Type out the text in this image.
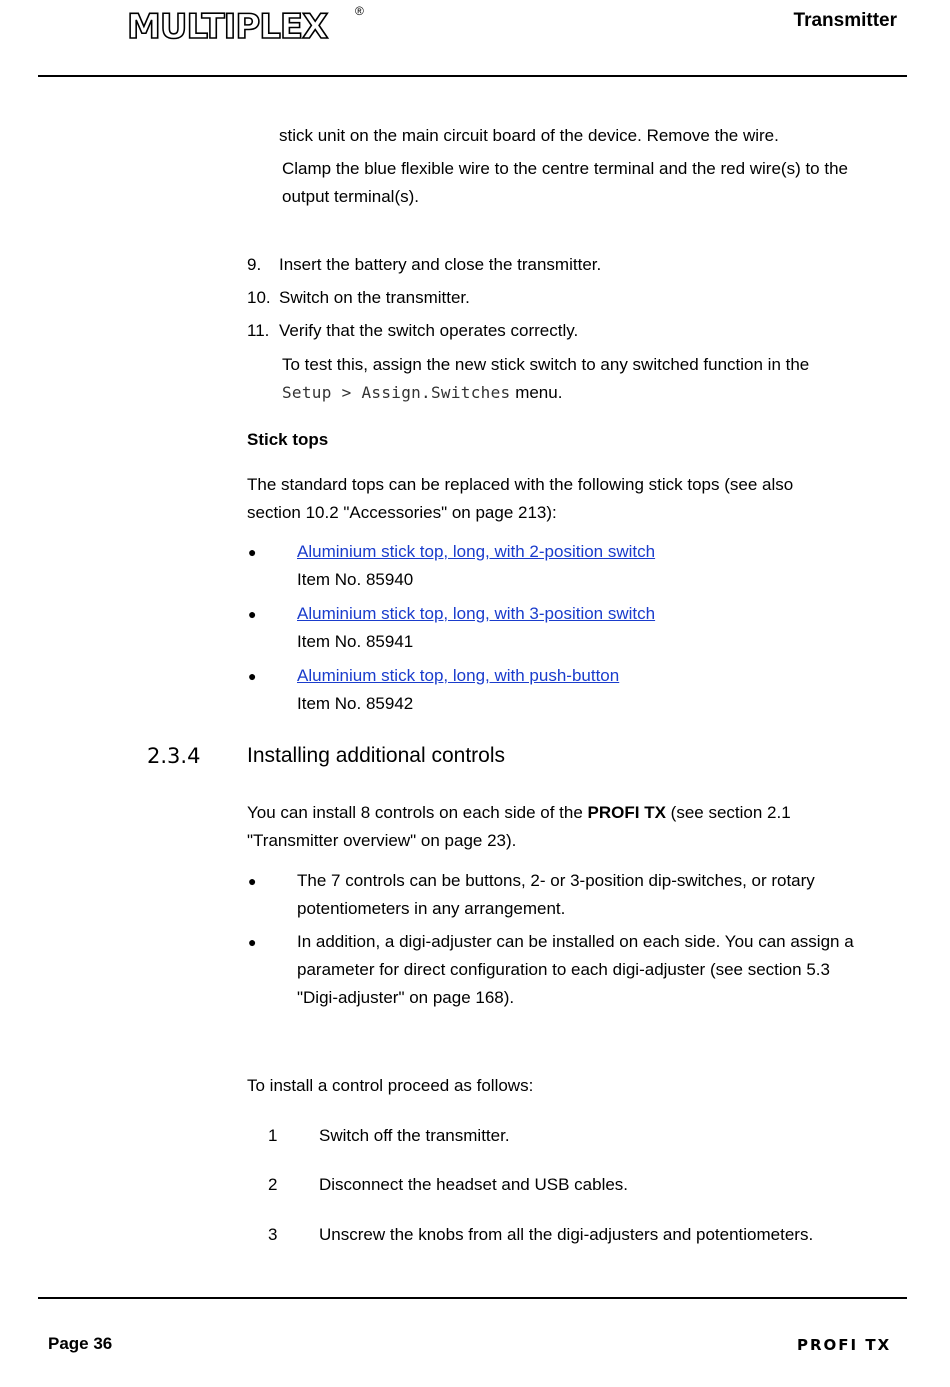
MULTIPLEX ®	Transmitter
stick unit on the main circuit board of the device. Remove the wire.
Clamp the blue flexible wire to the centre terminal and the red wire(s) to the
output terminal(s).
9. Insert the battery and close the transmitter.
10. Switch on the transmitter.
11. Verify that the switch operates correctly.
To test this, assign the new stick switch to any switched function in the
Setup > Assign.Switches menu.
Stick tops
The standard tops can be replaced with the following stick tops (see also
section 10.2 "Accessories" on page 213):
● Aluminium stick top, long, with 2-position switch
Item No. 85940
● Aluminium stick top, long, with 3-position switch
Item No. 85941
● Aluminium stick top, long, with push-button
Item No. 85942
2.3.4 Installing additional controls
You can install 8 controls on each side of the PROFI TX (see section 2.1
"Transmitter overview" on page 23).
● The 7 controls can be buttons, 2- or 3-position dip-switches, or rotary
potentiometers in any arrangement.
● In addition, a digi-adjuster can be installed on each side. You can assign a
parameter for direct configuration to each digi-adjuster (see section 5.3
"Digi-adjuster" on page 168).
To install a control proceed as follows:
1 Switch off the transmitter.
2 Disconnect the headset and USB cables.
3 Unscrew the knobs from all the digi-adjusters and potentiometers.
Page 36	PROFI TX
